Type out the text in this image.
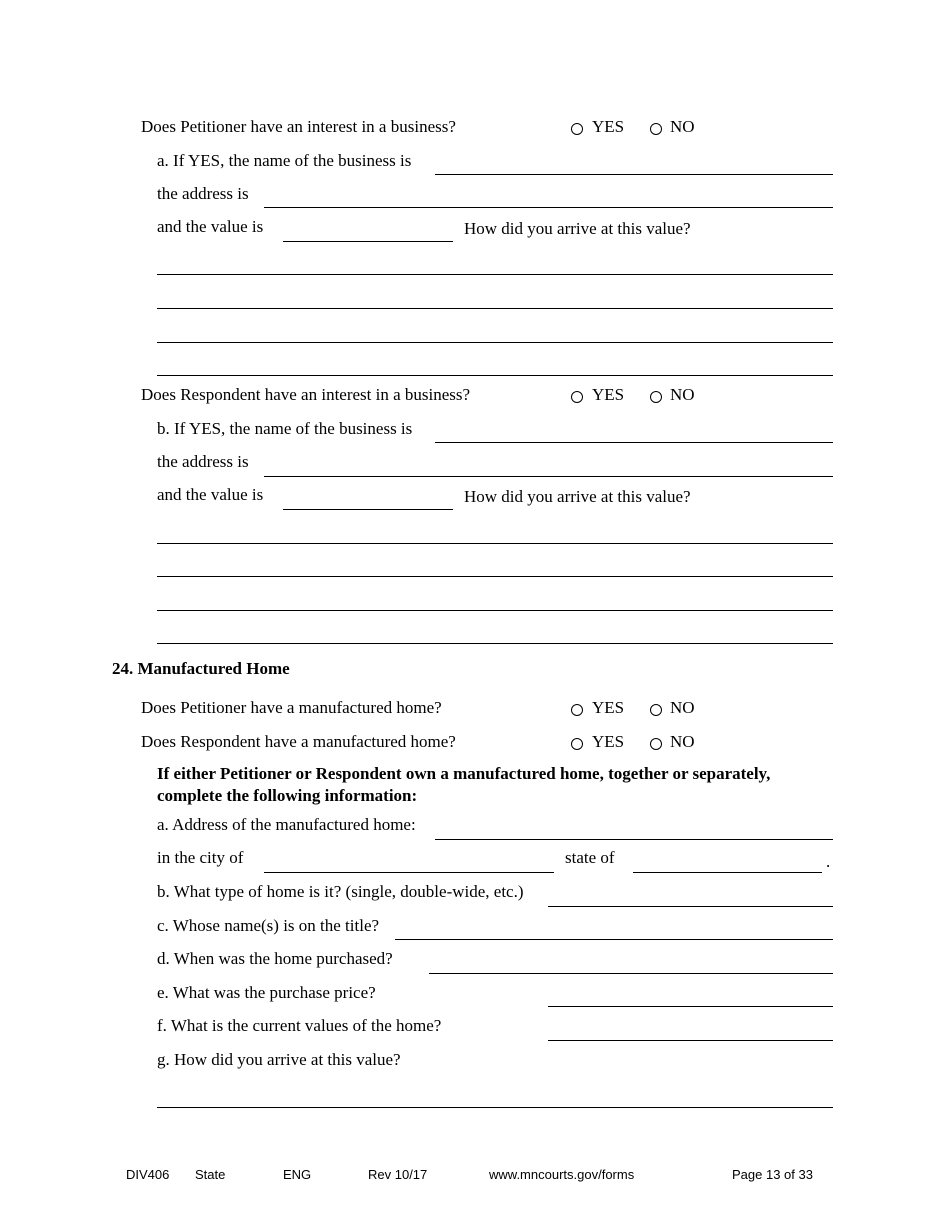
Does Petitioner have an interest in a business?	YES	NO
a. If YES, the name of the business is
the address is
and the value is	How did you arrive at this value?
Does Respondent have an interest in a business?	YES	NO
b. If YES, the name of the business is
the address is
and the value is	How did you arrive at this value?
24. Manufactured Home
Does Petitioner have a manufactured home?	YES	NO
Does Respondent have a manufactured home?	YES	NO
If either Petitioner or Respondent own a manufactured home, together or separately,
complete the following information:
a. Address of the manufactured home:
in the city of	state of	.
b. What type of home is it? (single, double-wide, etc.)
c. Whose name(s) is on the title?
d. When was the home purchased?
e. What was the purchase price?
f. What is the current values of the home?
g. How did you arrive at this value?
DIV406 State	ENG	Rev 10/17	www.mncourts.gov/forms	Page 13 of 33
